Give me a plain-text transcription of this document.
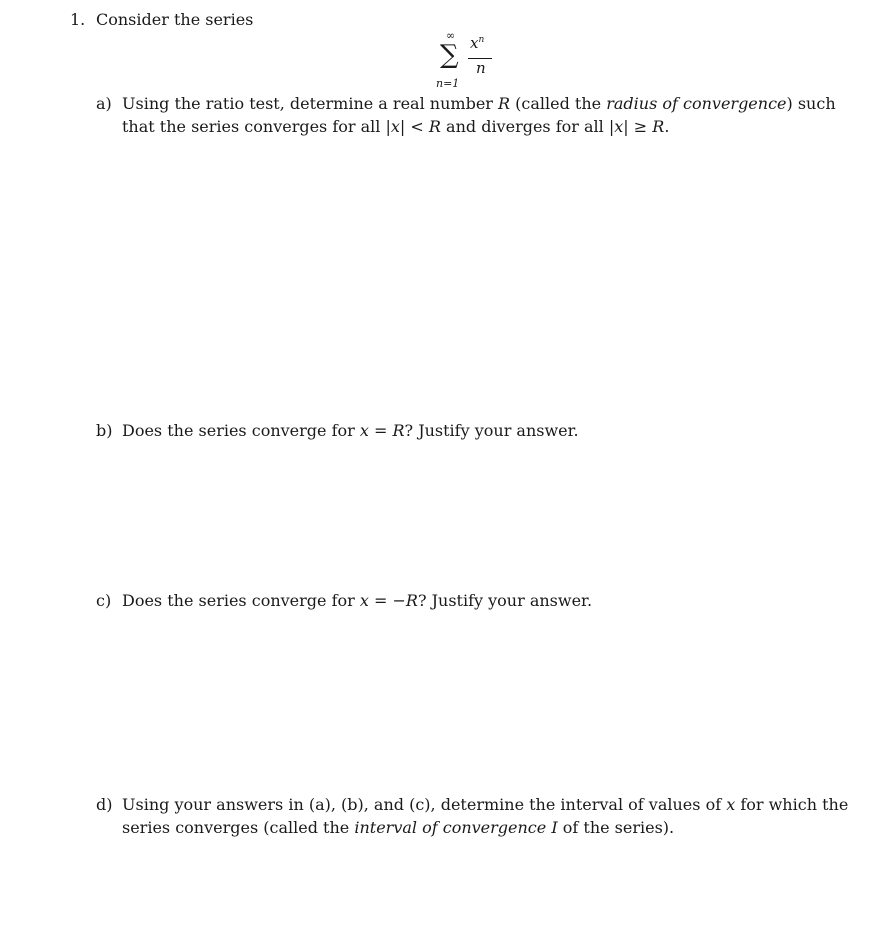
1. Consider the series
∞
∑
n=1
$x^n$
n
a) Using the ratio test, determine a real number R (called the radius of convergence) such that the series converges for all |x| < R and diverges for all |x| ≥ R.
b) Does the series converge for x = R? Justify your answer.
c) Does the series converge for x = −R? Justify your answer.
d) Using your answers in (a), (b), and (c), determine the interval of values of x for which the series converges (called the interval of convergence I of the series).
